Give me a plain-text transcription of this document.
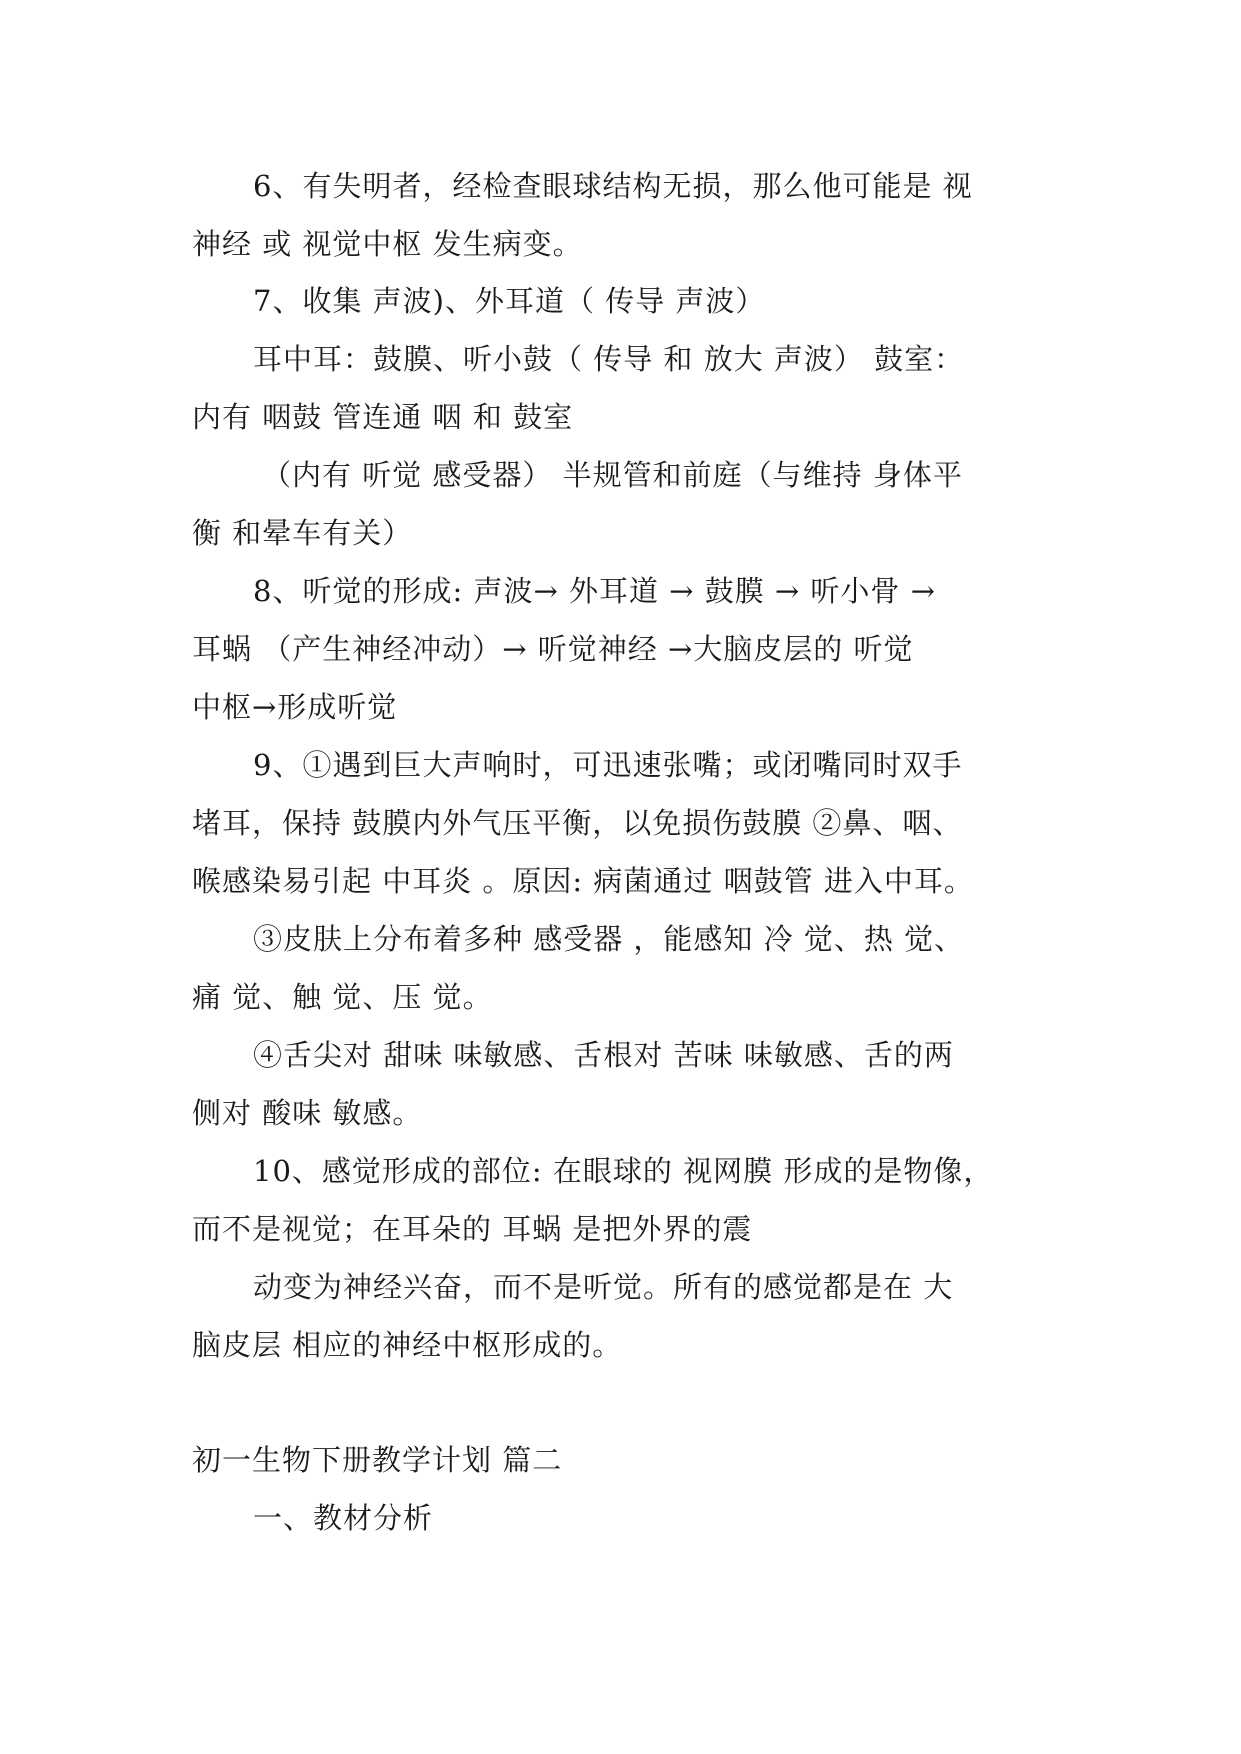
6、有失明者，经检查眼球结构无损，那么他可能是 视
神经 或 视觉中枢 发生病变。
7、收集 声波)、外耳道（ 传导 声波）
耳中耳：鼓膜、听小鼓（ 传导 和 放大 声波） 鼓室：
内有 咽鼓 管连通 咽 和 鼓室
（内有 听觉 感受器） 半规管和前庭（与维持 身体平
衡 和晕车有关）
8、听觉的形成: 声波→ 外耳道 → 鼓膜 → 听小骨 →
耳蜗 （产生神经冲动）→ 听觉神经 →大脑皮层的 听觉
中枢→形成听觉
9、①遇到巨大声响时，可迅速张嘴；或闭嘴同时双手
堵耳，保持 鼓膜内外气压平衡，以免损伤鼓膜 ②鼻、咽、
喉感染易引起 中耳炎 。原因: 病菌通过 咽鼓管 进入中耳。
③皮肤上分布着多种 感受器 ，能感知 冷 觉、热 觉、
痛 觉、触 觉、压 觉。
④舌尖对 甜味 味敏感、舌根对 苦味 味敏感、舌的两
侧对 酸味 敏感。
10、感觉形成的部位: 在眼球的 视网膜 形成的是物像，
而不是视觉；在耳朵的 耳蜗 是把外界的震
动变为神经兴奋，而不是听觉。所有的感觉都是在 大
脑皮层 相应的神经中枢形成的。
初一生物下册教学计划 篇二
一、教材分析
